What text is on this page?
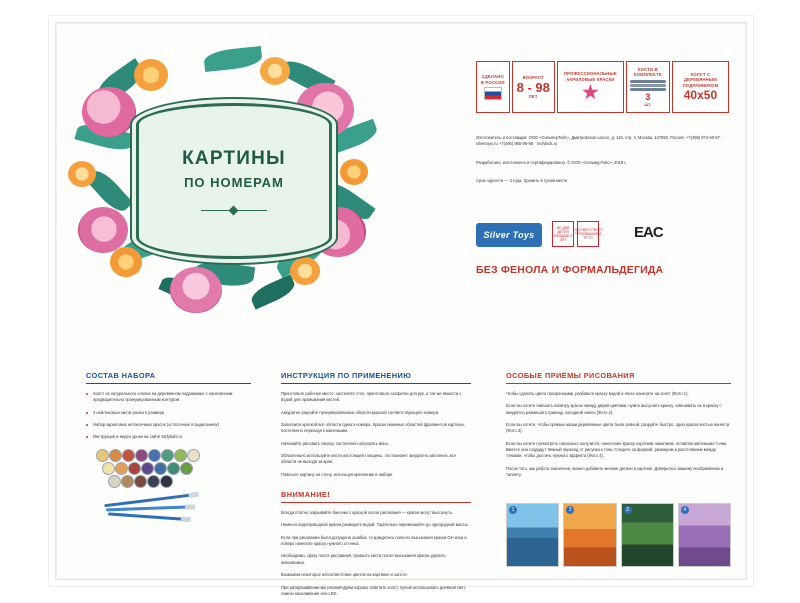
КАРТИНЫ
ПО НОМЕРАМ
СДЕЛАНО В РОССИИ
ВОЗРАСТ
8 - 98
ЛЕТ
ПРОФЕССИОНАЛЬНЫЕ АКРИЛОВЫЕ КРАСКИ
КИСТИ В КОМПЛЕКТЕ
3
шт.
ХОЛСТ С ДЕРЕВЯННЫМ ПОДРАМНИКОМ
40x50

Изготовитель и поставщик: ООО «СильверТойс», Дмитровское шоссе, д. 116, стр. 4, Москва, 127550, Россия. +7(499) 974-60-67 · silvertoys.ru +7(495) 960-98-98 · mcfykids.ru

Разработано, изготовлено и сертифицировано. © ООО «СильверТойс», 2018 г.

Срок годности — 3 года. Хранить в сухом месте.

Silver Toys
НЕ ДЛЯ ДЕТЕЙ МЛАДШЕ 3 ЛЕТ
СООТВЕТСТВУЕТ ТРЕБОВАНИЯМ ТР ТС	EAC
БЕЗ ФЕНОЛА И ФОРМАЛЬДЕГИДА
СОСТАВ НАБОРА
Холст из натурального хлопка на деревянном подрамнике с нанесённым предварительно пронумерованным контуром
3 нейлоновые кисти разного размера
Набор акриловых нетоксичных красок (остаточные в выделениях)
Инструкция и видео уроки на сайте Mcfykids.ru
ИНСТРУКЦИЯ ПО ПРИМЕНЕНИЮ

Приготовьте рабочее место: застелите стол, приготовьте салфетки для рук, а так же ёмкости с водой для промывания кистей.

Аккуратно закройте пронумерованные области краской соответствующего номера.

Заполните краской все области одного номера. Краски смежных областей фрагментов картины, постепенно переходя к маленьким.

Начинайте рисовать сверху, постепенно опускаясь вниз.

Обязательно используйте кисти настоящей толщины, это поможет аккуратно заполнить все области не выходя за края.

Повесьте картину на стену, используя крепление в наборе.

ВНИМАНИЕ!

Всегда плотно закрывайте баночки с краской после рисования — краски могут высохнуть.

Немного водопроводной краски разведите водой. Тщательно перемешайте до однородной массы.

Если при рисовании была допущена ошибка, то дождитесь полного высыхания краски ОН иска и поверх нанесите краску нужного оттенка.

Необходимо, сразу после рисования, промыть кисти после высыхания краски уделить невозможно.

Возможна некоторое несоответствие цветов на картинке и холсте.

При раскрашивании мы рекомендуем хорошо осветить холст, лучше использовать дневной свет, лампы накаливания или LED.

ОСОБЫЕ ПРИЁМЫ РИСОВАНИЯ

Чтобы сделать цвета прозрачными, разбавьте краску водой и легко нанесите на холст (Фото 1).

Если вы хотите смешать палитру красок между двумя цветами, нужно высушить краску, смешивать их в краску с аккуратно размешать границу, холодной смеси (Фото 2).

Если вы хотите, чтобы прямые мазки деревянные цвета были ровной, разруйте быстро, одна краска кистью нанести (Фото 3).

Если вы хотите посмотреть насколько получится, нанесение краску коротким нажатием, оставляя маленькие точки. Вместе они создадут тёмный переход от рисунка к тонк. Следите за формой, размером и расстоянием между точками, чтобы достичь нужного эффекта (Фото 4).

После того, как работа закончена, можно добавить мелкие детали в картине. Доверьтесь вашему воображению и таланту.

1	2	3	4
